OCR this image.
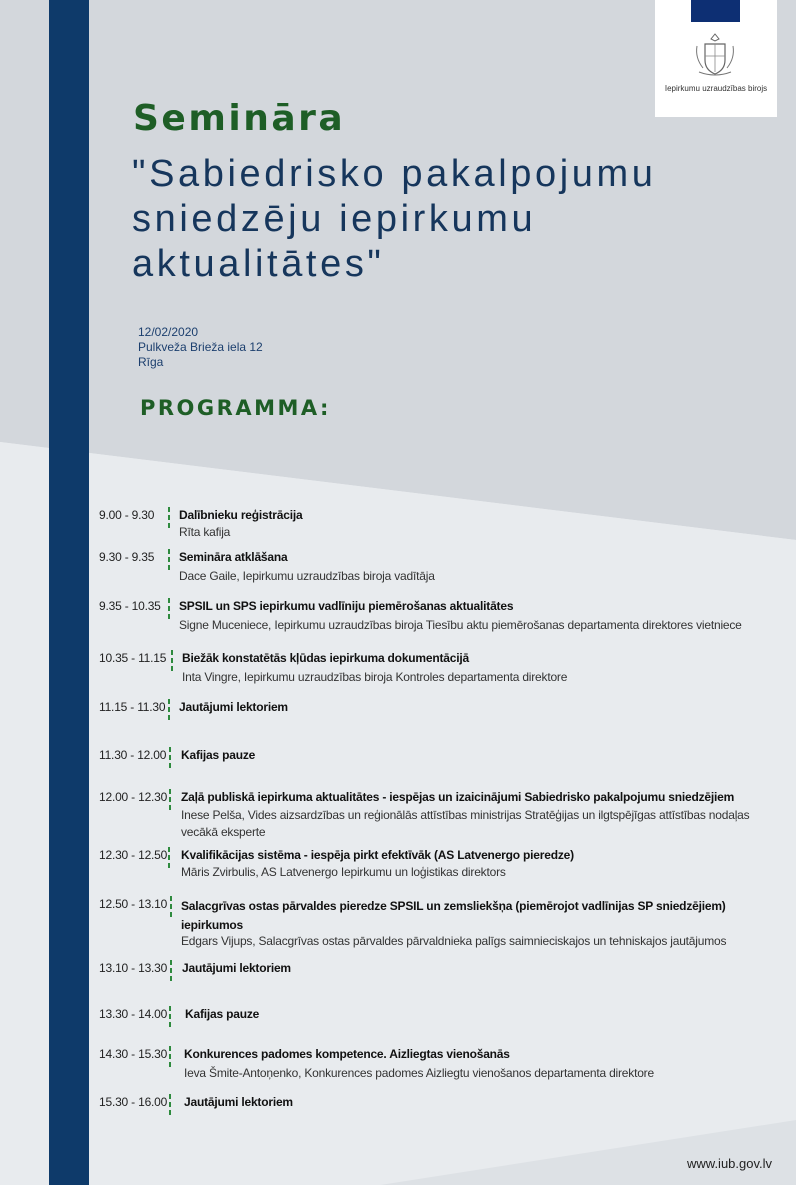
Iepirkumu uzraudzības birojs
Semināra
"Sabiedrisko pakalpojumu sniedzēju iepirkumu aktualitātes"
12/02/2020
Pulkveža Brieža iela 12
Rīga
PROGRAMMA:
9.00 - 9.30 Dalībnieku reģistrācija
Rīta kafija
9.30 - 9.35 Semināra atklāšana
Dace Gaile, Iepirkumu uzraudzības biroja vadītāja
9.35 - 10.35 SPSIL un SPS iepirkumu vadlīniju piemērošanas aktualitātes
Signe Muceniece, Iepirkumu uzraudzības biroja Tiesību aktu piemērošanas departamenta direktores vietniece
10.35 - 11.15 Biežāk konstatētās kļūdas iepirkuma dokumentācijā
Inta Vingre, Iepirkumu uzraudzības biroja Kontroles departamenta direktore
11.15 - 11.30 Jautājumi lektoriem
11.30 - 12.00 Kafijas pauze
12.00 - 12.30 Zaļā publiskā iepirkuma aktualitātes - iespējas un izaicinājumi Sabiedrisko pakalpojumu sniedzējiem
Inese Pelša, Vides aizsardzības un reģionālās attīstības ministrijas Stratēģijas un ilgtspējīgas attīstības nodaļas vecākā eksperte
12.30 - 12.50 Kvalifikācijas sistēma - iespēja pirkt efektīvāk (AS Latvenergo pieredze)
Māris Zvirbulis, AS Latvenergo Iepirkumu un loģistikas direktors
12.50 - 13.10 Salacgrīvas ostas pārvaldes pieredze SPSIL un zemsliekšņa (piemērojot vadlīnijas SP sniedzējiem) iepirkumos
Edgars Vijups, Salacgrīvas ostas pārvaldes pārvaldnieka palīgs saimnieciskajos un tehniskajos jautājumos
13.10 - 13.30 Jautājumi lektoriem
13.30 - 14.00 Kafijas pauze
14.30 - 15.30 Konkurences padomes kompetence. Aizliegtas vienošanās
Ieva Šmite-Antoņenko, Konkurences padomes Aizliegtu vienošanos departamenta direktore
15.30 - 16.00 Jautājumi lektoriem
www.iub.gov.lv
